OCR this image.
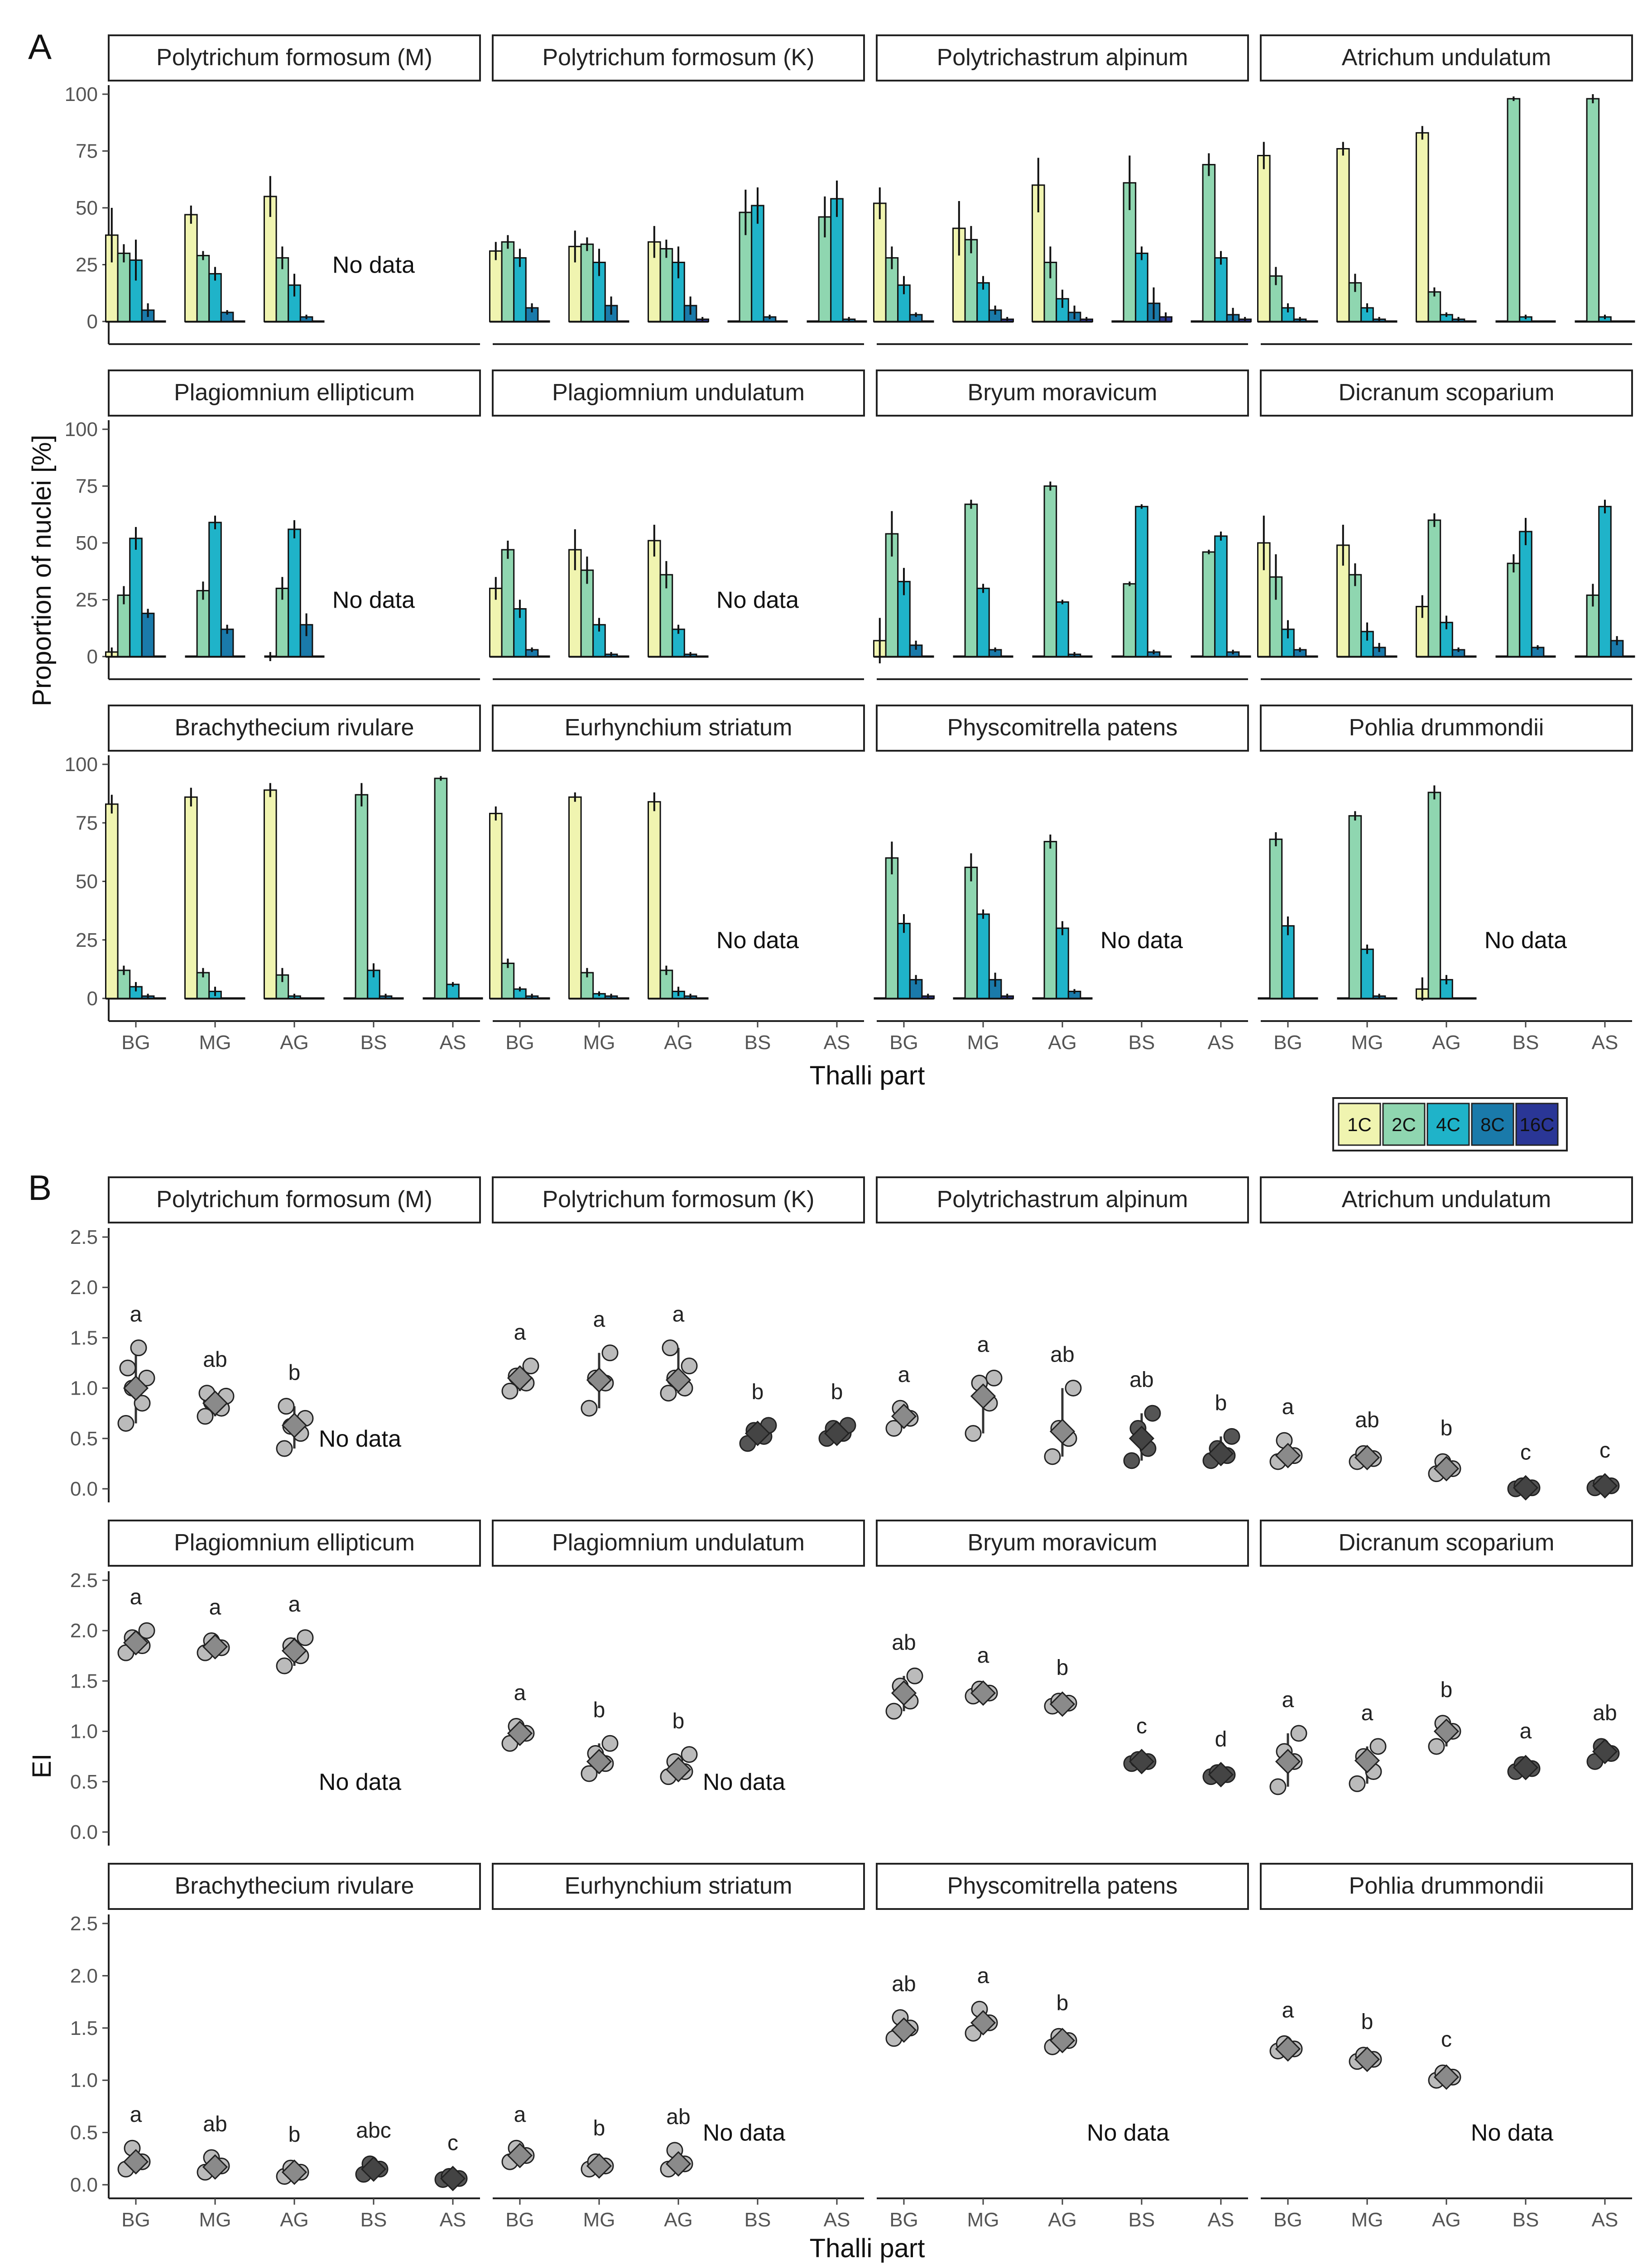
A
B
Proportion of nuclei [%]
Thalli part
EI
Thalli part
Polytrichum formosum (M)
0
25
50
75
100
No data
Polytrichum formosum (K)	Polytrichastrum alpinum	Atrichum undulatum
Plagiomnium ellipticum
0
25
50
75
100
No data
Plagiomnium undulatum
No data
Bryum moravicum	Dicranum scoparium
Brachythecium rivulare
0
25
50
75
100
BG MG AG	BS	AS
Eurhynchium striatum
BG MG AG	BS	AS
No data
Physcomitrella patens
BG MG AG	BS	AS
No data
Pohlia drummondii
BG MG AG	BS	AS
No data
Polytrichum formosum (M)
0.0
0.5
1.0
1.5
2.0
2.5
a
ab
b
No data
Polytrichum formosum (K)
a
a	a
b	b
Polytrichastrum alpinum
a
a	ab
ab
b
Atrichum undulatum
a
ab	b
c	c
Plagiomnium ellipticum
0.0
0.5
1.0
1.5
2.0
2.5
a	a	a
No data
Plagiomnium undulatum
a
b	b
No data
Bryum moravicum
ab
a
b
c
d
Dicranum scoparium
a
a
b
a
ab
Brachythecium rivulare
0.0
0.5
1.0
1.5
2.0
2.5
BG
a
MG
ab
AG
b
BS
abc
AS
c
Eurhynchium striatum
BG
a
MG
b
AG
ab
BS	AS
No data
Physcomitrella patens
BG
ab
MG
a
AG
b
BS	AS
No data
Pohlia drummondii
BG
a
MG
b
AG
c
BS	AS
No data
1C 2C 4C 8C 16C
